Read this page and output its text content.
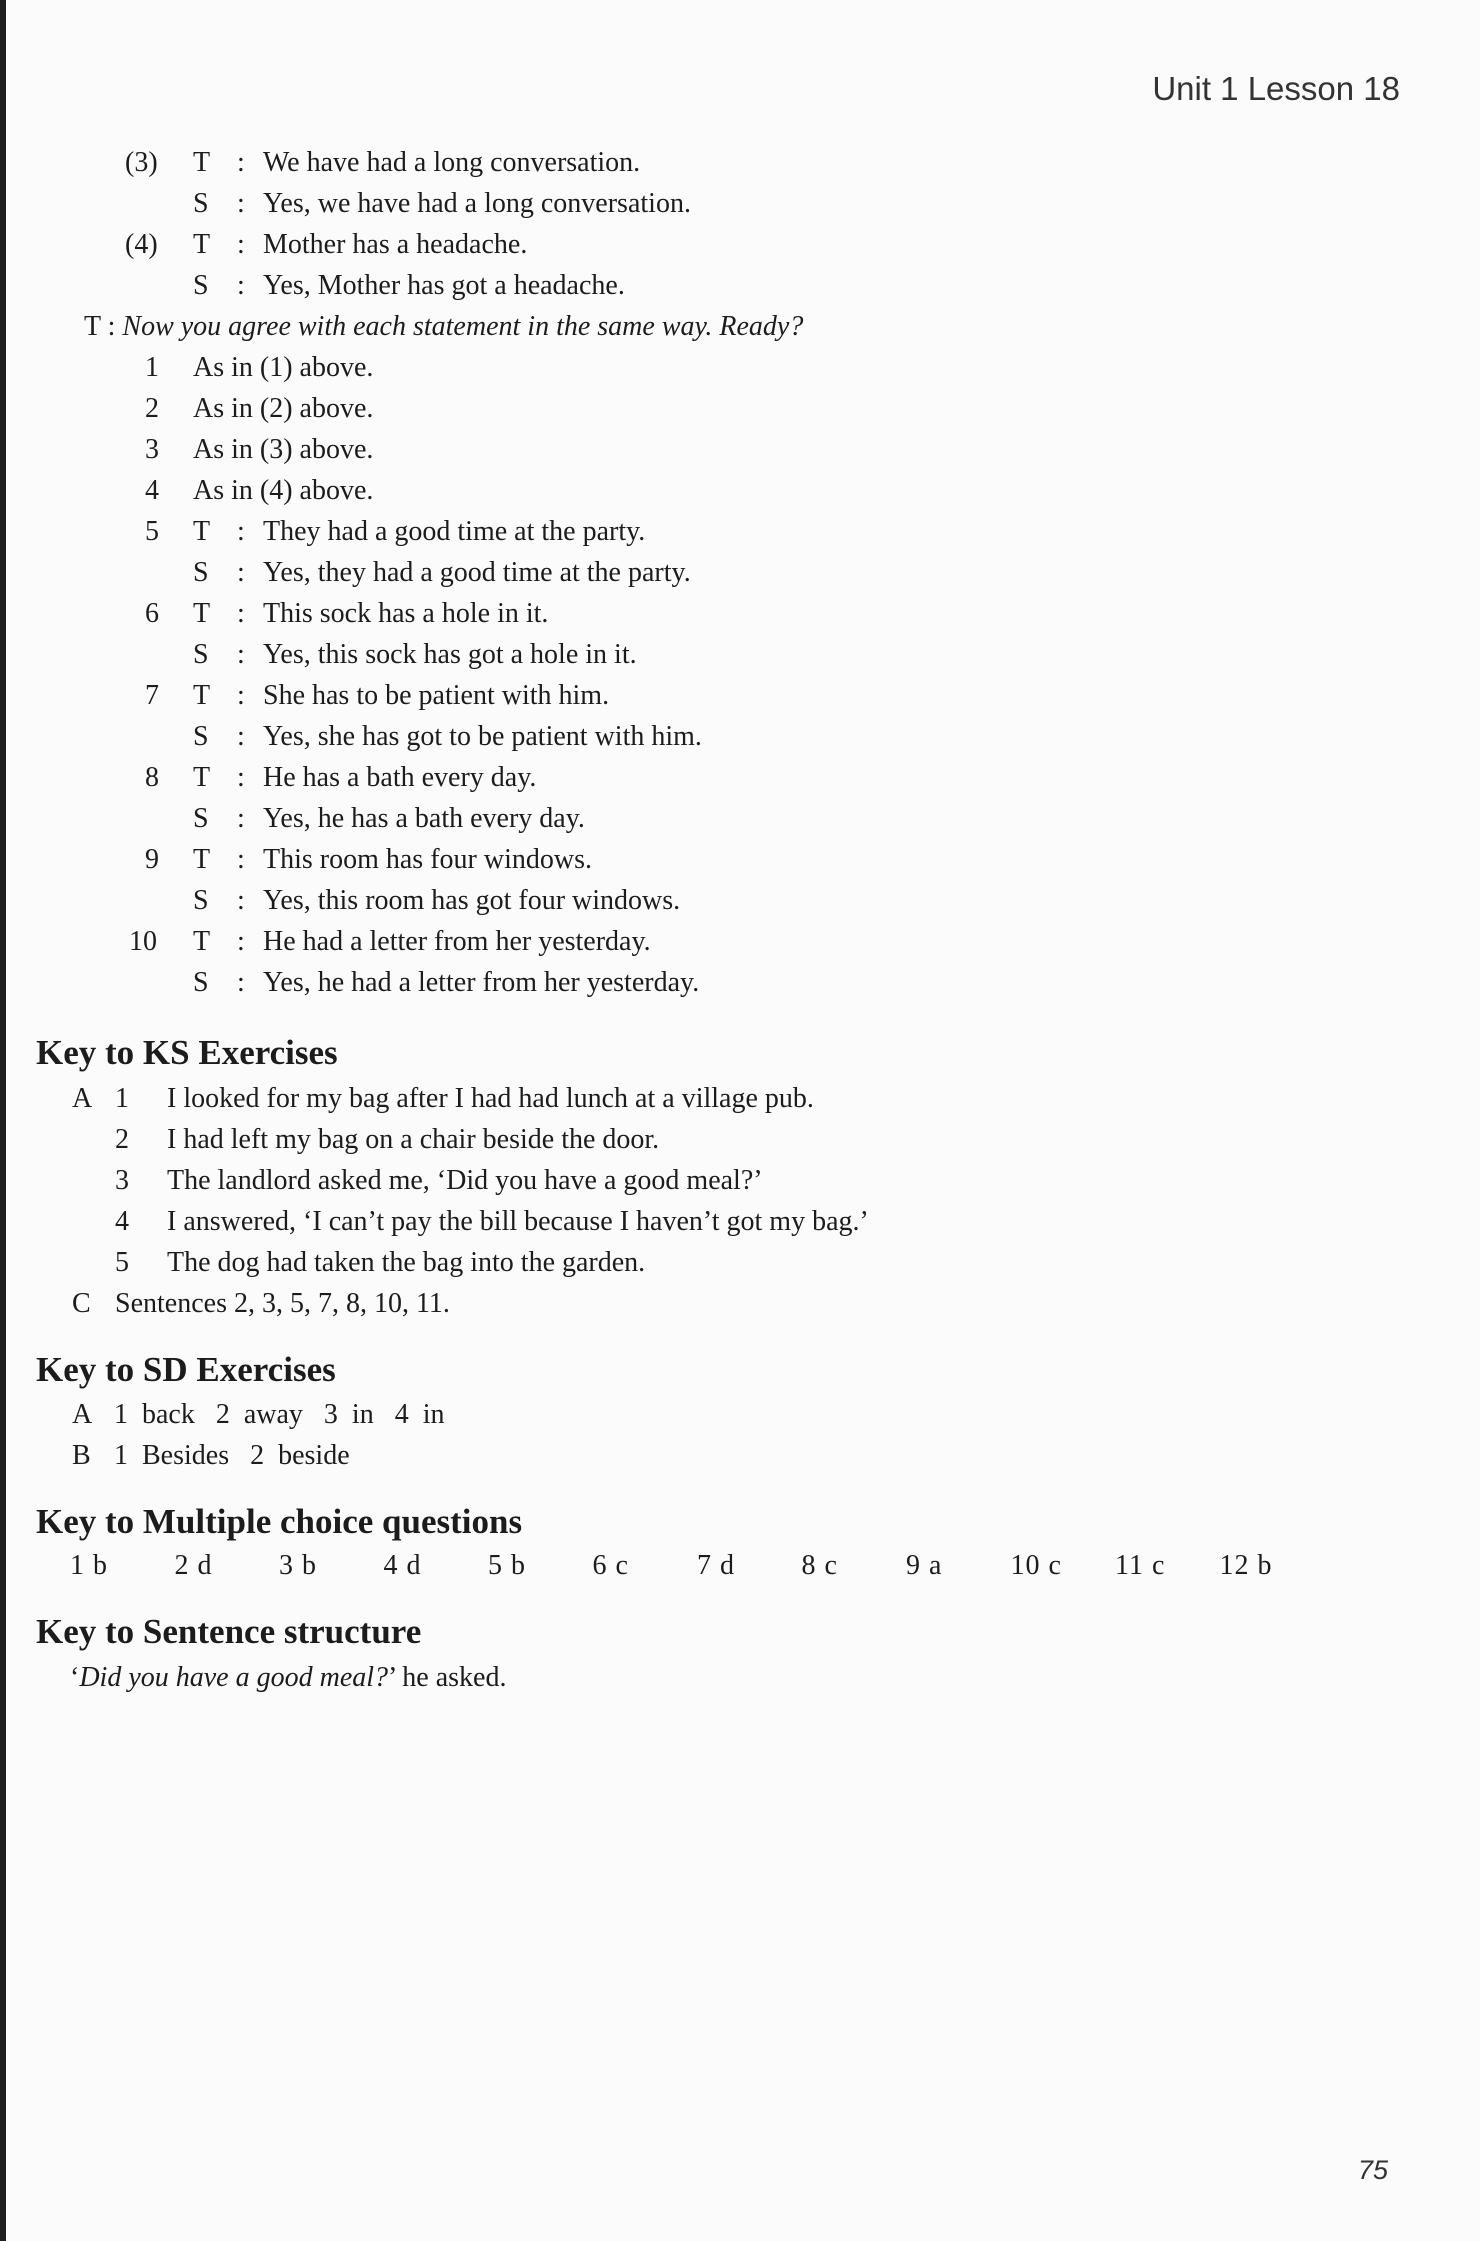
Unit 1 Lesson 18
(3) T : We have had a long conversation.
S : Yes, we have had a long conversation.
(4) T : Mother has a headache.
S : Yes, Mother has got a headache.
T : Now you agree with each statement in the same way. Ready?
1 As in (1) above.
2 As in (2) above.
3 As in (3) above.
4 As in (4) above.
5 T : They had a good time at the party.
S : Yes, they had a good time at the party.
6 T : This sock has a hole in it.
S : Yes, this sock has got a hole in it.
7 T : She has to be patient with him.
S : Yes, she has got to be patient with him.
8 T : He has a bath every day.
S : Yes, he has a bath every day.
9 T : This room has four windows.
S : Yes, this room has got four windows.
10 T : He had a letter from her yesterday.
S : Yes, he had a letter from her yesterday.
Key to KS Exercises
A 1 I looked for my bag after I had had lunch at a village pub.
2 I had left my bag on a chair beside the door.
3 The landlord asked me, ‘Did you have a good meal?’
4 I answered, ‘I can’t pay the bill because I haven’t got my bag.’
5 The dog had taken the bag into the garden.
C Sentences 2, 3, 5, 7, 8, 10, 11.
Key to SD Exercises
A 1  back   2  away   3  in   4  in
B 1  Besides   2  beside
Key to Multiple choice questions
1 b 2 d 3 b 4 d 5 b 6 c 7 d 8 c 9 a 10 c 11 c 12 b
Key to Sentence structure
‘Did you have a good meal?’ he asked.
75
